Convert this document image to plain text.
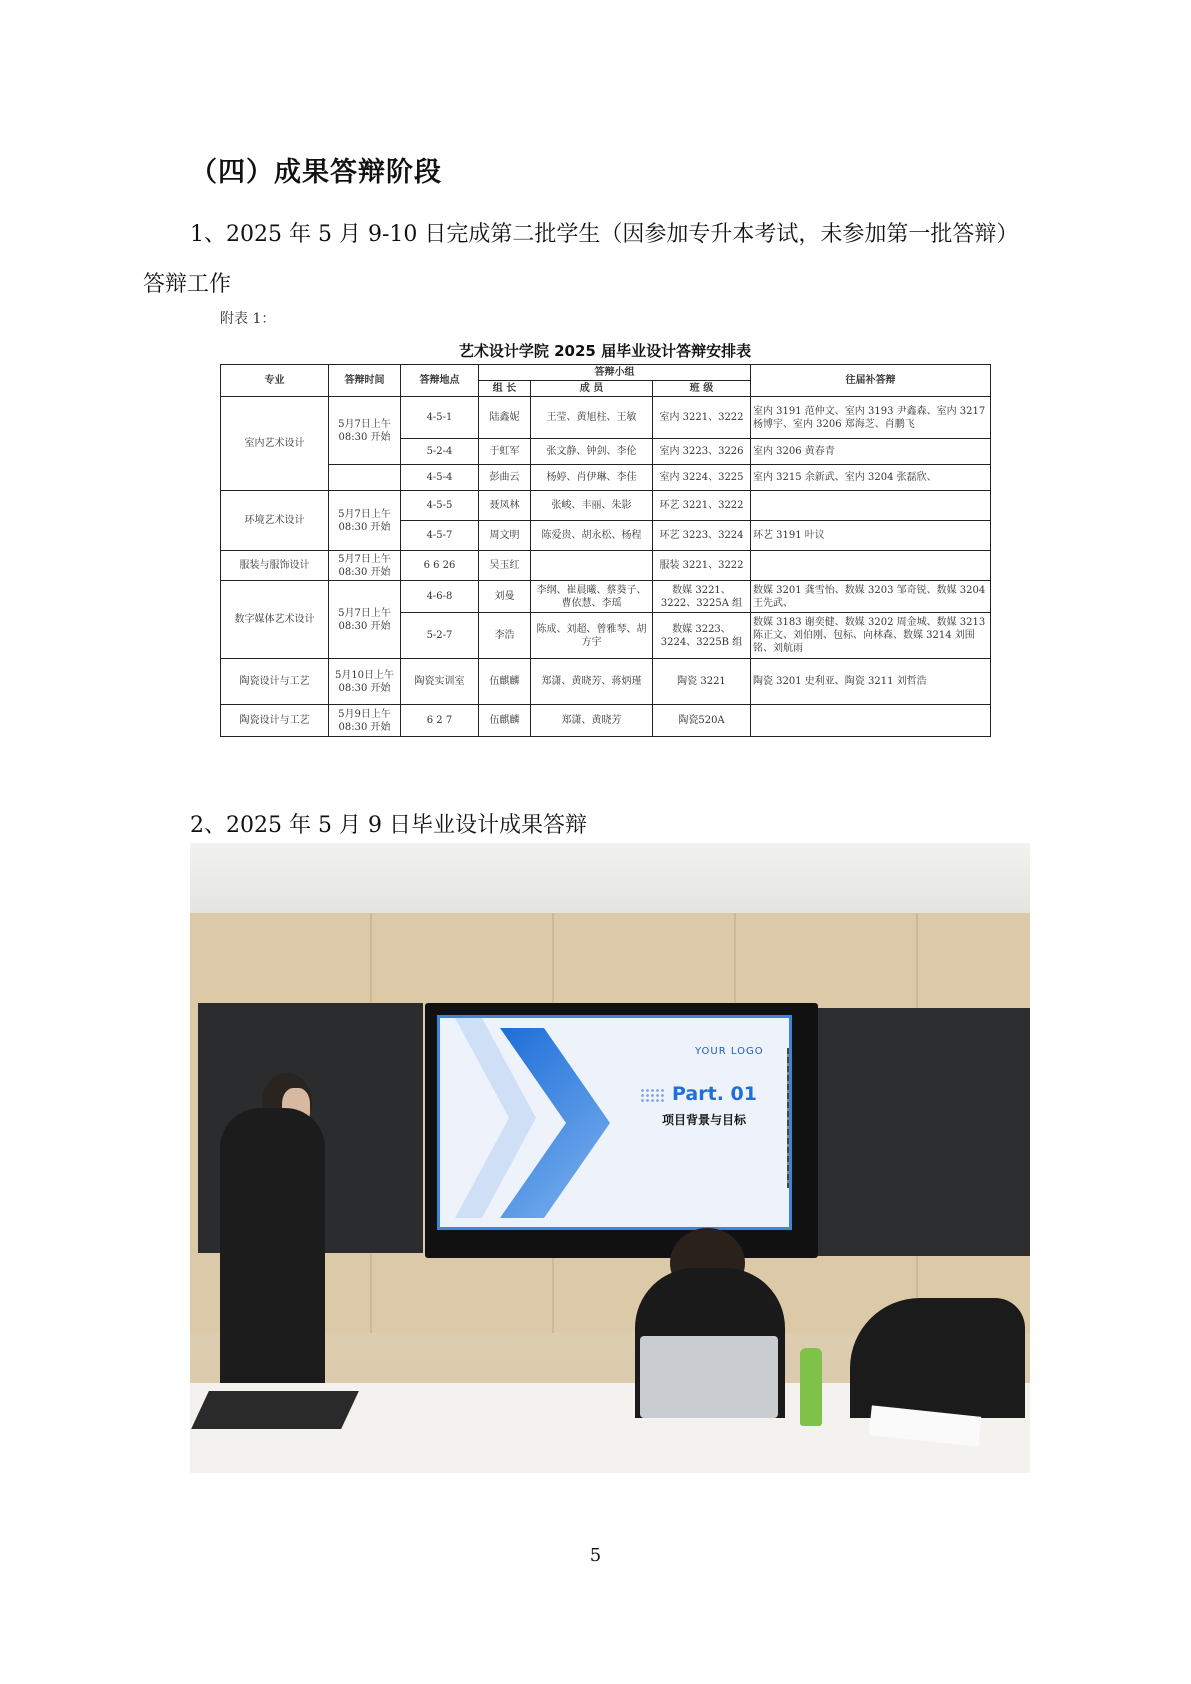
（四）成果答辩阶段
1、2025 年 5 月 9-10 日完成第二批学生（因参加专升本考试，未参加第一批答辩）
答辩工作
附表 1：
艺术设计学院 2025 届毕业设计答辩安排表
专业	答辩时间	答辩地点	答辩小组			往届补答辩
			组 长	成 员	班 级	
室内艺术设计	5月7日上午 08:30 开始	4-5-1	陆鑫妮	王莹、黄旭柱、王敏	室内 3221、3222	室内 3191 范仲文、室内 3193 尹鑫森、室内 3217 杨博宇、室内 3206 郑海芝、肖鹏飞
		5-2-4	于虹军	张文静、钟剑、李伦	室内 3223、3226	室内 3206 黄春青
		4-5-4	彭曲云	杨婷、肖伊琳、李佳	室内 3224、3225	室内 3215 余新武、室内 3204 张磊欣、
环境艺术设计	5月7日上午 08:30 开始	4-5-5	聂凤林	张峻、丰丽、朱影	环艺 3221、3222	
		4-5-7	周文明	陈爱贵、胡永松、杨程	环艺 3223、3224	环艺 3191 叶议
服装与服饰设计	5月7日上午 08:30 开始	6 6 26	吴玉红		服装 3221、3222	
数字媒体艺术设计	5月7日上午 08:30 开始	4-6-8	刘曼	李纲、崔晨曦、蔡葵子、曹依慧、李瑶	数媒 3221、3222、3225A 组	数媒 3201 龚雪怡、数媒 3203 邹奇锐、数媒 3204 王先武、
		5-2-7	李浩	陈成、刘超、曾雅琴、胡方宇	数媒 3223、3224、3225B 组	数媒 3183 谢奕健、数媒 3202 周金城、数媒 3213 陈正文、刘伯刚、包标、向林森、数媒 3214 刘围铭、刘航雨
陶瓷设计与工艺	5月10日上午 08:30 开始	陶瓷实训室	伍麒麟	郑潇、黄晓芳、蒋炳瑾	陶瓷 3221	陶瓷 3201 史利亚、陶瓷 3211 刘哲浩
陶瓷设计与工艺	5月9日上午 08:30 开始	6 2 7	伍麒麟	郑潇、黄晓芳	陶瓷520A	
2、2025 年 5 月 9 日毕业设计成果答辩
YOUR LOGO
Part. 01
项目背景与目标
5
